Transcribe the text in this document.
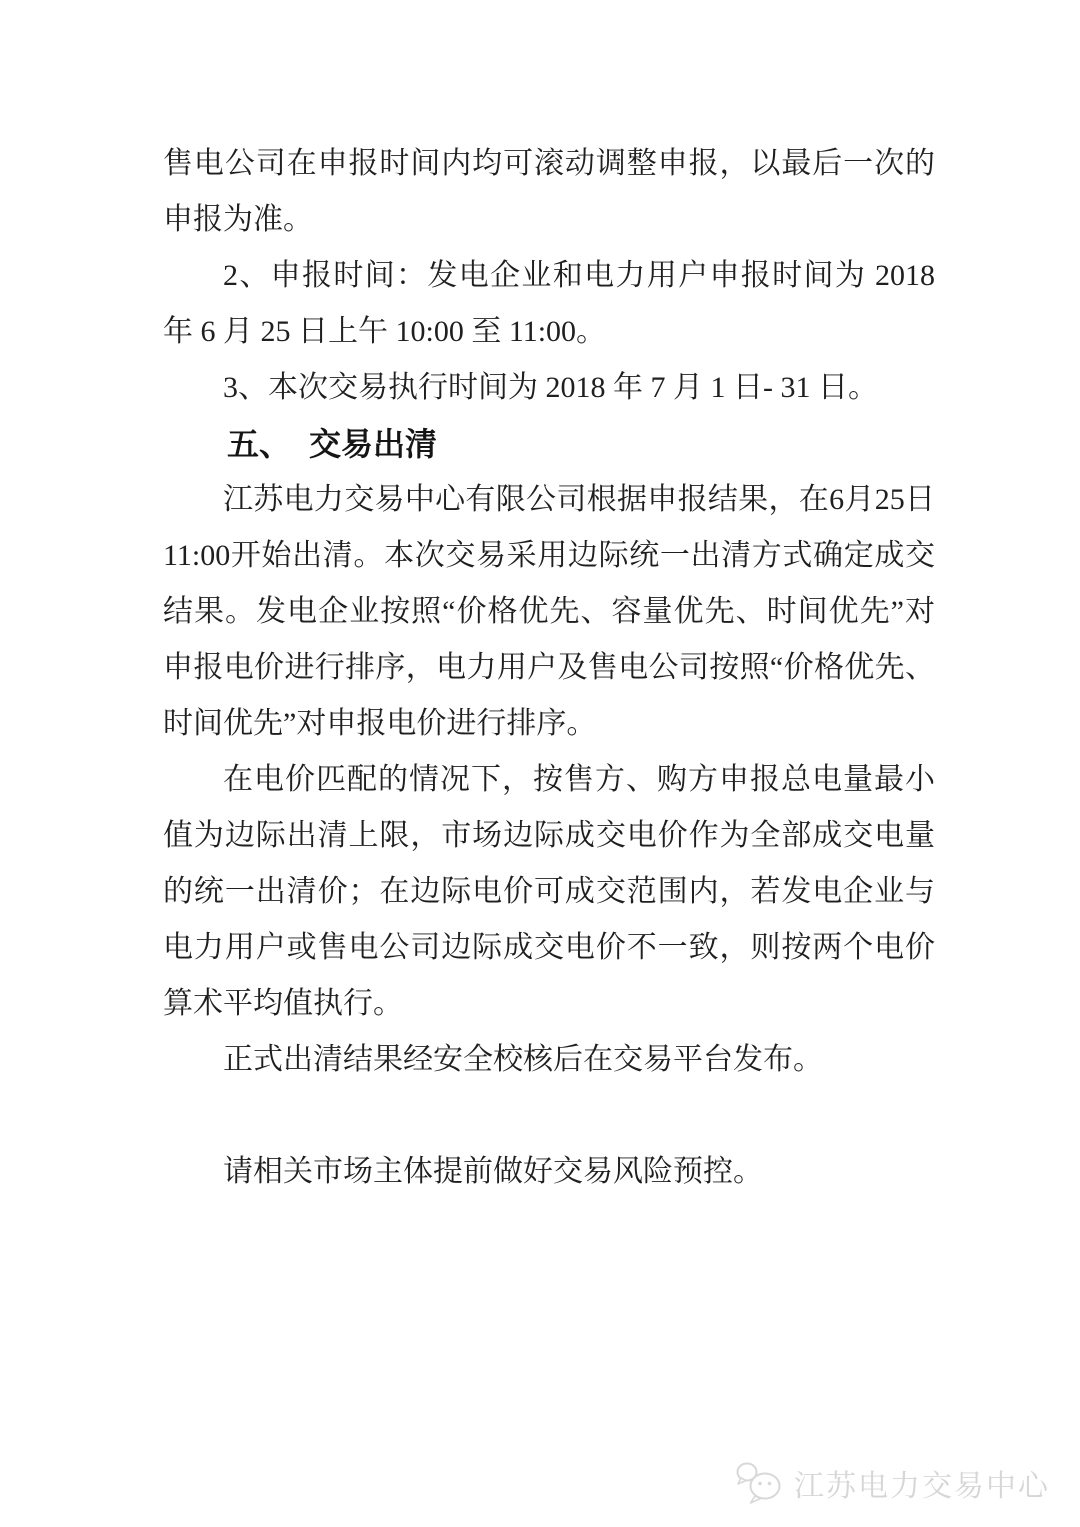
售电公司在申报时间内均可滚动调整申报，以最后一次的申报为准。

2、申报时间：发电企业和电力用户申报时间为 2018 年 6 月 25 日上午 10:00 至 11:00。

3、本次交易执行时间为 2018 年 7 月 1 日- 31 日。

五、 交易出清

江苏电力交易中心有限公司根据申报结果，在6月25日11:00开始出清。本次交易采用边际统一出清方式确定成交结果。发电企业按照“价格优先、容量优先、时间优先”对申报电价进行排序，电力用户及售电公司按照“价格优先、时间优先”对申报电价进行排序。

在电价匹配的情况下，按售方、购方申报总电量最小值为边际出清上限，市场边际成交电价作为全部成交电量的统一出清价；在边际电价可成交范围内，若发电企业与电力用户或售电公司边际成交电价不一致，则按两个电价算术平均值执行。

正式出清结果经安全校核后在交易平台发布。

请相关市场主体提前做好交易风险预控。

江苏电力交易中心
